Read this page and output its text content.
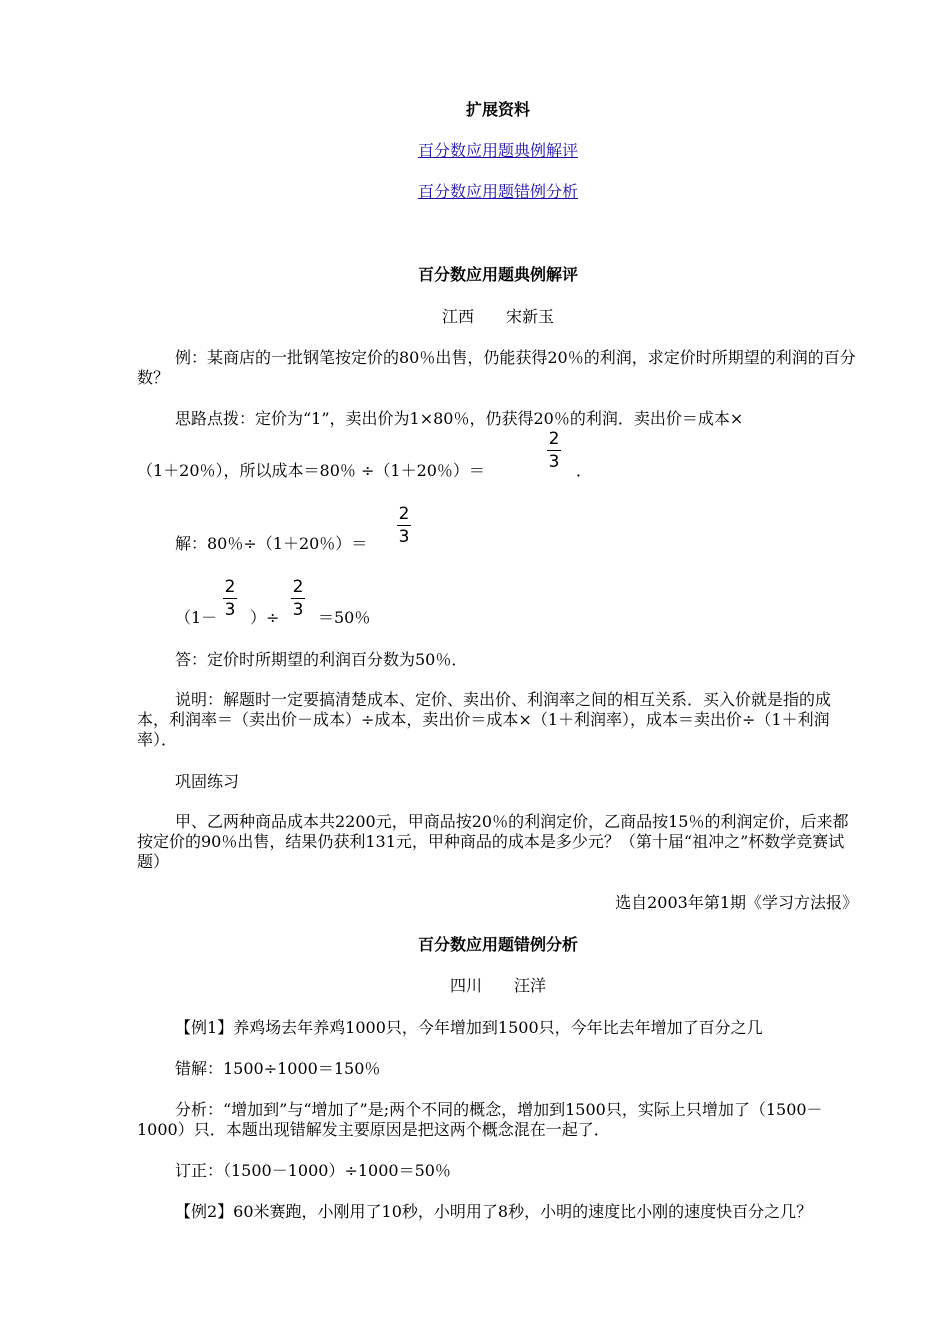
扩展资料
百分数应用题典例解评
百分数应用题错例分析
百分数应用题典例解评
江西　　宋新玉
例：某商店的一批钢笔按定价的80％出售，仍能获得20％的利润，求定价时所期望的利润的百分数？
思路点拨：定价为“1”，卖出价为1×80％，仍获得20％的利润．卖出价＝成本×
（1＋20％），所以成本＝80％ ÷（1＋20％）＝
2
3 ．
解：80％÷（1＋20％）＝
2
3
（1－
2
3 ）÷
2
3 ＝50％
答：定价时所期望的利润百分数为50％．
说明：解题时一定要搞清楚成本、定价、卖出价、利润率之间的相互关系．买入价就是指的成本，利润率＝（卖出价－成本）÷成本，卖出价＝成本×（1＋利润率），成本＝卖出价÷（1＋利润率）．
巩固练习
甲、乙两种商品成本共2200元，甲商品按20％的利润定价，乙商品按15％的利润定价，后来都按定价的90％出售，结果仍获利131元，甲种商品的成本是多少元？（第十届“祖冲之”杯数学竞赛试题）
选自2003年第1期《学习方法报》
百分数应用题错例分析
四川　　汪洋
【例1】养鸡场去年养鸡1000只，今年增加到1500只，今年比去年增加了百分之几
错解：1500÷1000＝150％
分析：“增加到”与“增加了”是;两个不同的概念，增加到1500只，实际上只增加了（1500－1000）只．本题出现错解发主要原因是把这两个概念混在一起了．
订正：（1500－1000）÷1000＝50％
【例2】60米赛跑，小刚用了10秒，小明用了8秒，小明的速度比小刚的速度快百分之几？
